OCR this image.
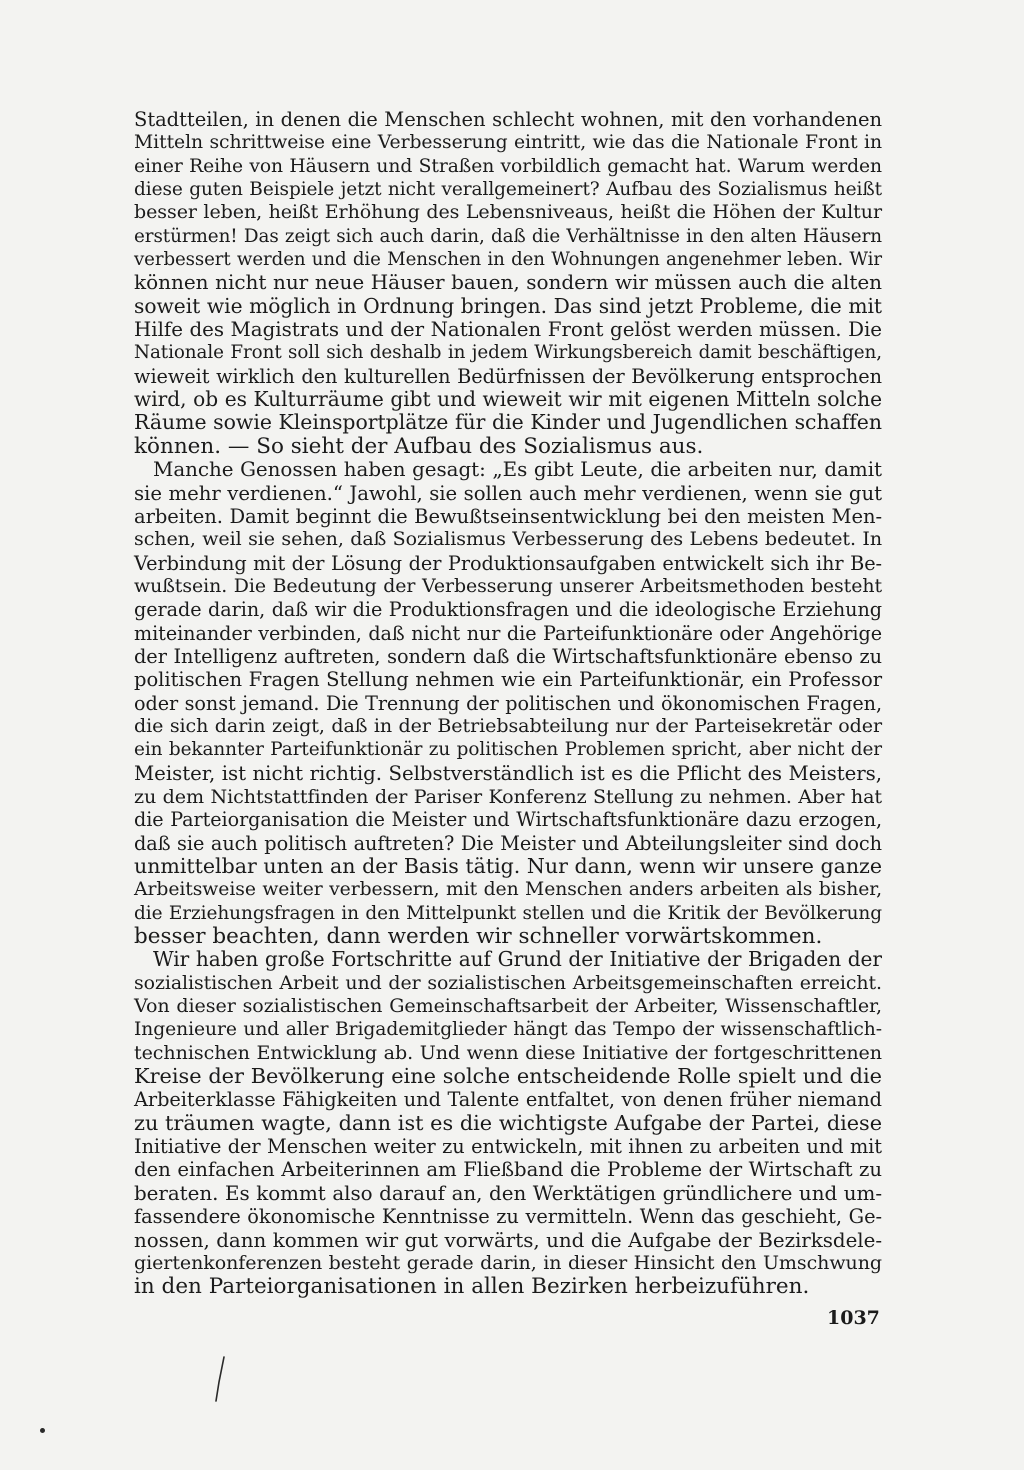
Stadtteilen, in denen die Menschen schlecht wohnen, mit den vorhandenen
Mitteln schrittweise eine Verbesserung eintritt, wie das die Nationale Front in
einer Reihe von Häusern und Straßen vorbildlich gemacht hat. Warum werden
diese guten Beispiele jetzt nicht verallgemeinert? Aufbau des Sozialismus heißt
besser leben, heißt Erhöhung des Lebensniveaus, heißt die Höhen der Kultur
erstürmen! Das zeigt sich auch darin, daß die Verhältnisse in den alten Häusern
verbessert werden und die Menschen in den Wohnungen angenehmer leben. Wir
können nicht nur neue Häuser bauen, sondern wir müssen auch die alten
soweit wie möglich in Ordnung bringen. Das sind jetzt Probleme, die mit
Hilfe des Magistrats und der Nationalen Front gelöst werden müssen. Die
Nationale Front soll sich deshalb in jedem Wirkungsbereich damit beschäftigen,
wieweit wirklich den kulturellen Bedürfnissen der Bevölkerung entsprochen
wird, ob es Kulturräume gibt und wieweit wir mit eigenen Mitteln solche
Räume sowie Kleinsportplätze für die Kinder und Jugendlichen schaffen
können. — So sieht der Aufbau des Sozialismus aus.
Manche Genossen haben gesagt: „Es gibt Leute, die arbeiten nur, damit
sie mehr verdienen.“ Jawohl, sie sollen auch mehr verdienen, wenn sie gut
arbeiten. Damit beginnt die Bewußtseinsentwicklung bei den meisten Men-
schen, weil sie sehen, daß Sozialismus Verbesserung des Lebens bedeutet. In
Verbindung mit der Lösung der Produktionsaufgaben entwickelt sich ihr Be-
wußtsein. Die Bedeutung der Verbesserung unserer Arbeitsmethoden besteht
gerade darin, daß wir die Produktionsfragen und die ideologische Erziehung
miteinander verbinden, daß nicht nur die Parteifunktionäre oder Angehörige
der Intelligenz auftreten, sondern daß die Wirtschaftsfunktionäre ebenso zu
politischen Fragen Stellung nehmen wie ein Parteifunktionär, ein Professor
oder sonst jemand. Die Trennung der politischen und ökonomischen Fragen,
die sich darin zeigt, daß in der Betriebsabteilung nur der Parteisekretär oder
ein bekannter Parteifunktionär zu politischen Problemen spricht, aber nicht der
Meister, ist nicht richtig. Selbstverständlich ist es die Pflicht des Meisters,
zu dem Nichtstattfinden der Pariser Konferenz Stellung zu nehmen. Aber hat
die Parteiorganisation die Meister und Wirtschaftsfunktionäre dazu erzogen,
daß sie auch politisch auftreten? Die Meister und Abteilungsleiter sind doch
unmittelbar unten an der Basis tätig. Nur dann, wenn wir unsere ganze
Arbeitsweise weiter verbessern, mit den Menschen anders arbeiten als bisher,
die Erziehungsfragen in den Mittelpunkt stellen und die Kritik der Bevölkerung
besser beachten, dann werden wir schneller vorwärtskommen.
Wir haben große Fortschritte auf Grund der Initiative der Brigaden der
sozialistischen Arbeit und der sozialistischen Arbeitsgemeinschaften erreicht.
Von dieser sozialistischen Gemeinschaftsarbeit der Arbeiter, Wissenschaftler,
Ingenieure und aller Brigademitglieder hängt das Tempo der wissenschaftlich-
technischen Entwicklung ab. Und wenn diese Initiative der fortgeschrittenen
Kreise der Bevölkerung eine solche entscheidende Rolle spielt und die
Arbeiterklasse Fähigkeiten und Talente entfaltet, von denen früher niemand
zu träumen wagte, dann ist es die wichtigste Aufgabe der Partei, diese
Initiative der Menschen weiter zu entwickeln, mit ihnen zu arbeiten und mit
den einfachen Arbeiterinnen am Fließband die Probleme der Wirtschaft zu
beraten. Es kommt also darauf an, den Werktätigen gründlichere und um-
fassendere ökonomische Kenntnisse zu vermitteln. Wenn das geschieht, Ge-
nossen, dann kommen wir gut vorwärts, und die Aufgabe der Bezirksdele-
giertenkonferenzen besteht gerade darin, in dieser Hinsicht den Umschwung
in den Parteiorganisationen in allen Bezirken herbeizuführen.
1037
